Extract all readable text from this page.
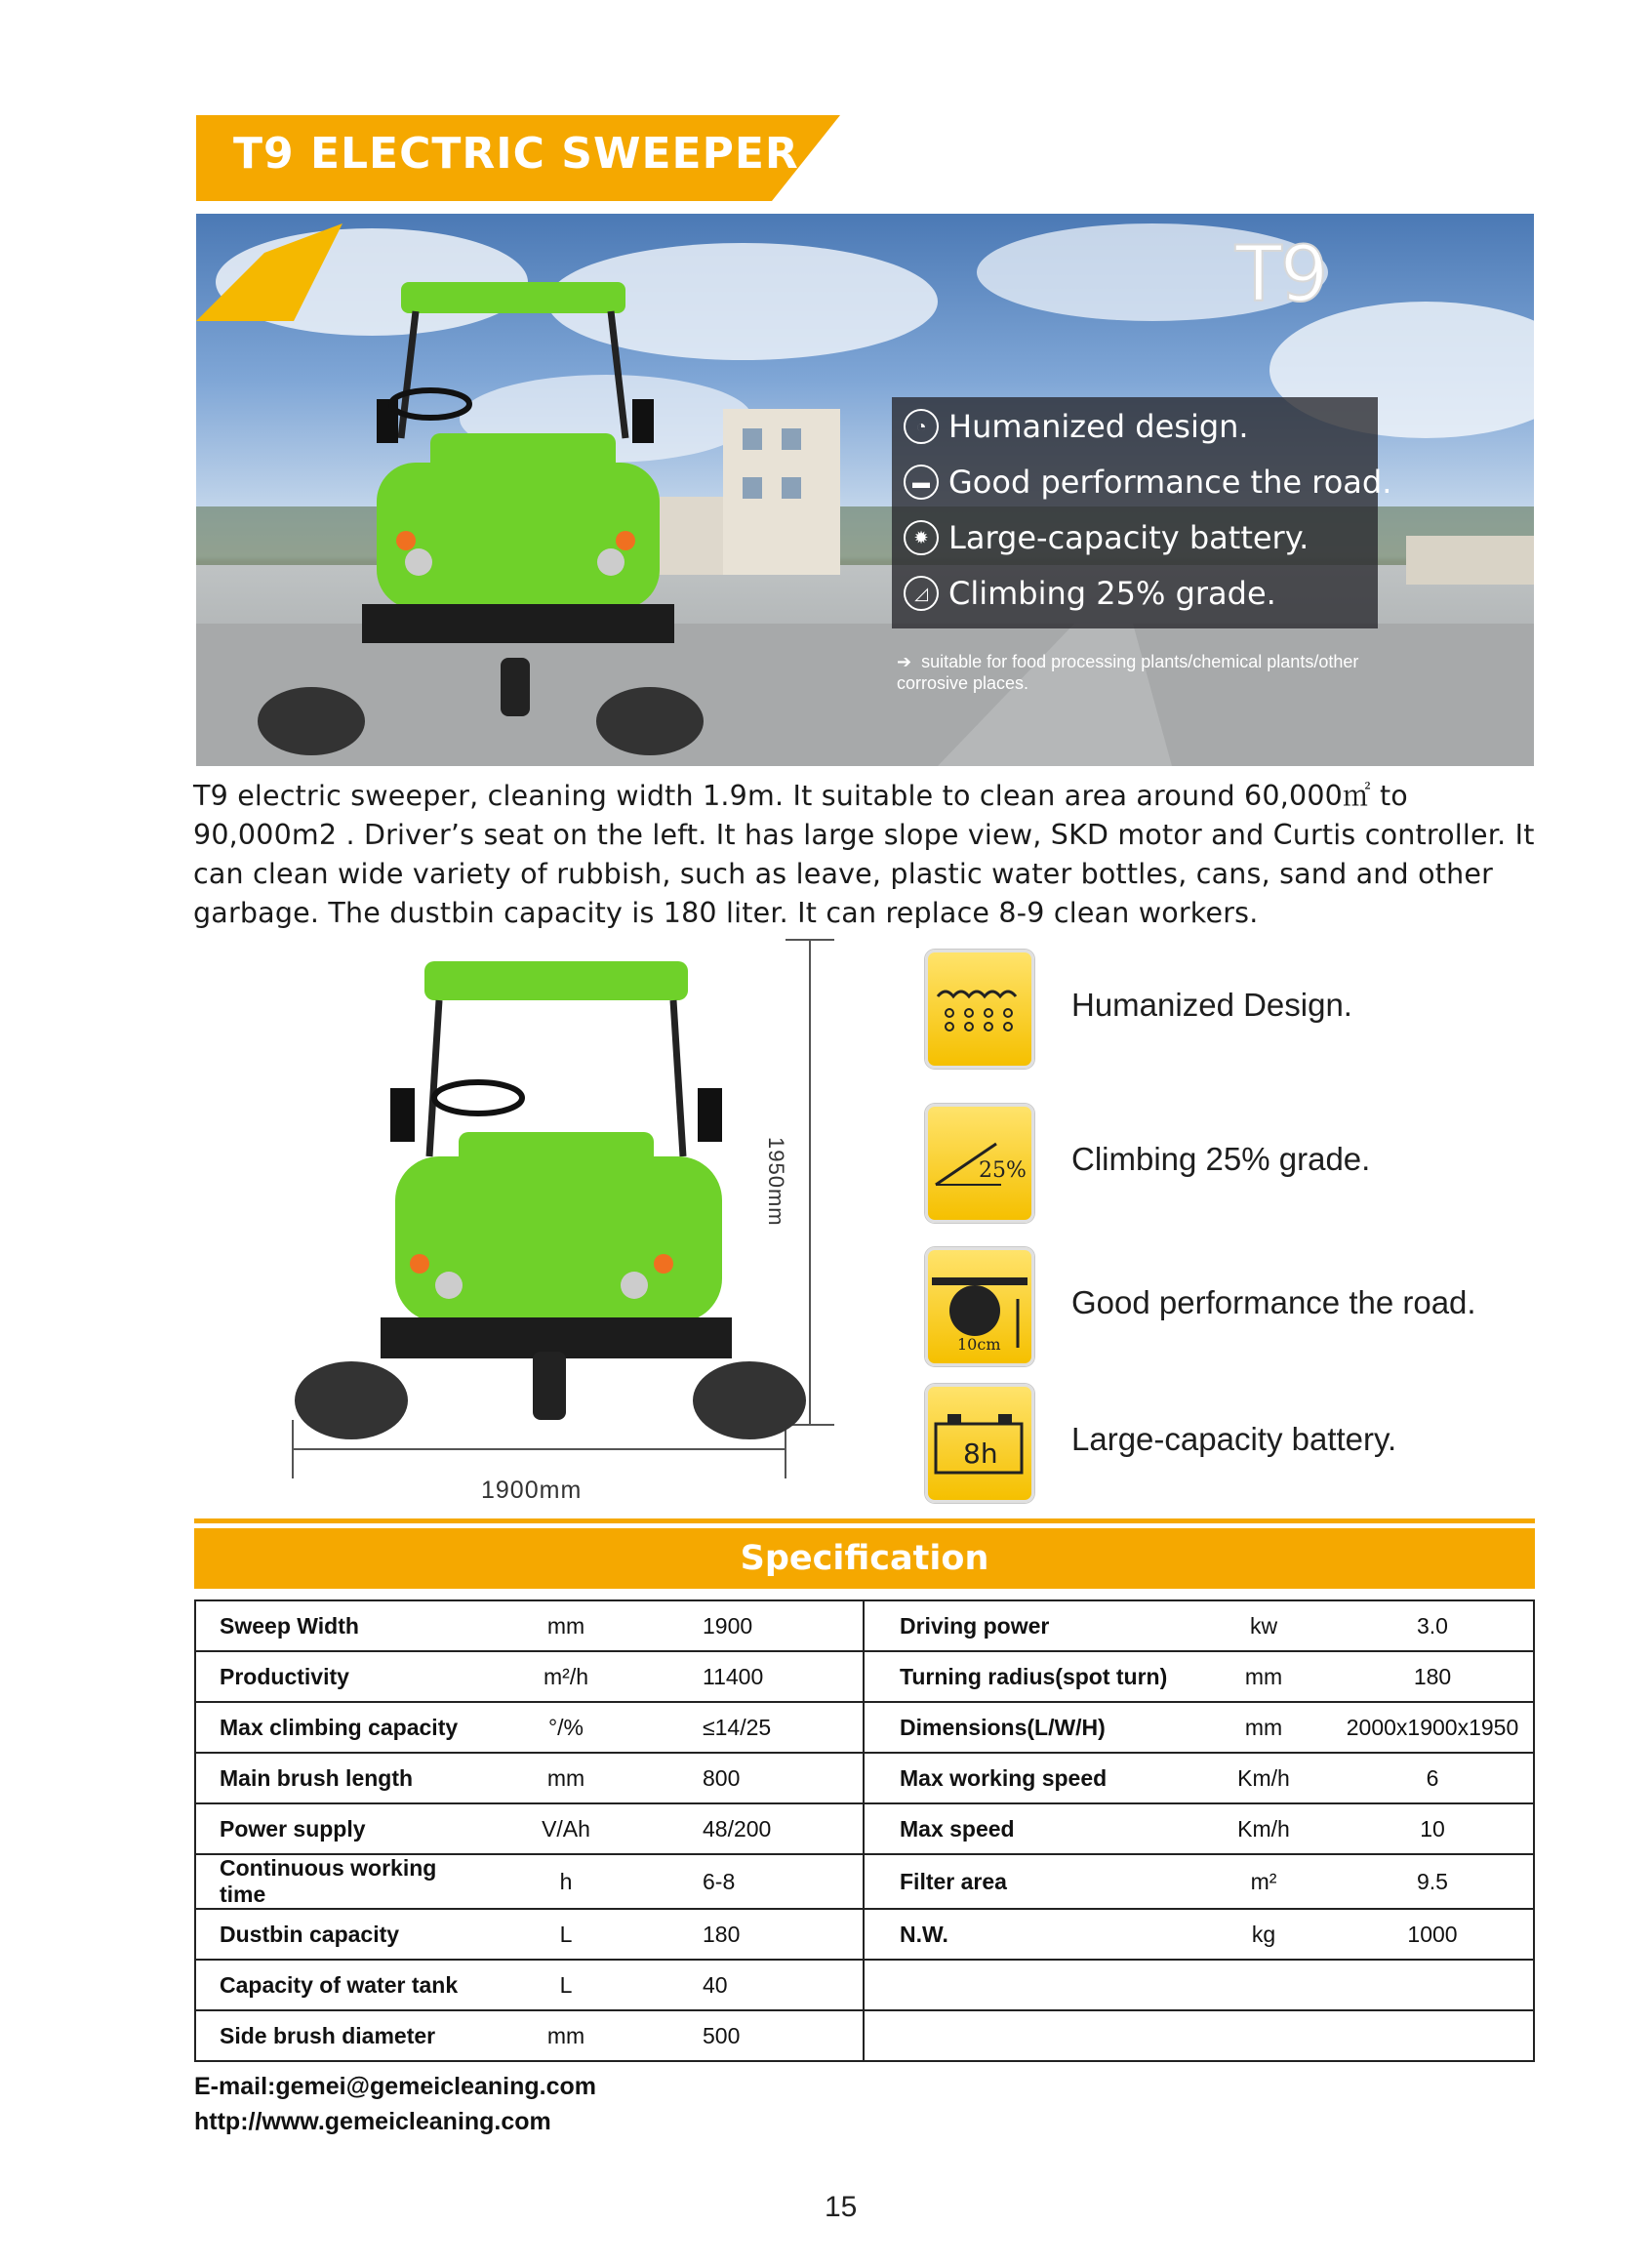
T9 ELECTRIC SWEEPER
T9
◔ Humanized design.
▬ Good performance the road.
✹ Large-capacity battery.
◿ Climbing 25% grade.
➔ suitable for food processing plants/chemical plants/other corrosive places.
T9 electric sweeper, cleaning width 1.9m. It suitable to clean area around 60,000㎡ to 90,000m2 . Driver’s seat on the left. It has large slope view, SKD motor and Curtis controller. It can clean wide variety of rubbish, such as leave, plastic water bottles, cans, sand and other garbage. The dustbin capacity is 180 liter. It can replace 8-9 clean workers.
1950mm
1900mm
Humanized Design.
25% Climbing 25% grade.
10cm
Good performance the road.
8h Large-capacity battery.
Specification
Sweep Width	mm	1900	Driving power	kw	3.0
Productivity	m²/h	11400	Turning radius(spot turn)	mm	180
Max climbing capacity	°/%	≤14/25	Dimensions(L/W/H)	mm	2000x1900x1950
Main brush length	mm	800	Max working speed	Km/h	6
Power supply	V/Ah	48/200	Max speed	Km/h	10
Continuous working time	h	6-8	Filter area	m²	9.5
Dustbin capacity	L	180	N.W.	kg	1000
Capacity of water tank	L	40			
Side brush diameter	mm	500			
E-mail:gemei@gemeicleaning.com
http://www.gemeicleaning.com
15
